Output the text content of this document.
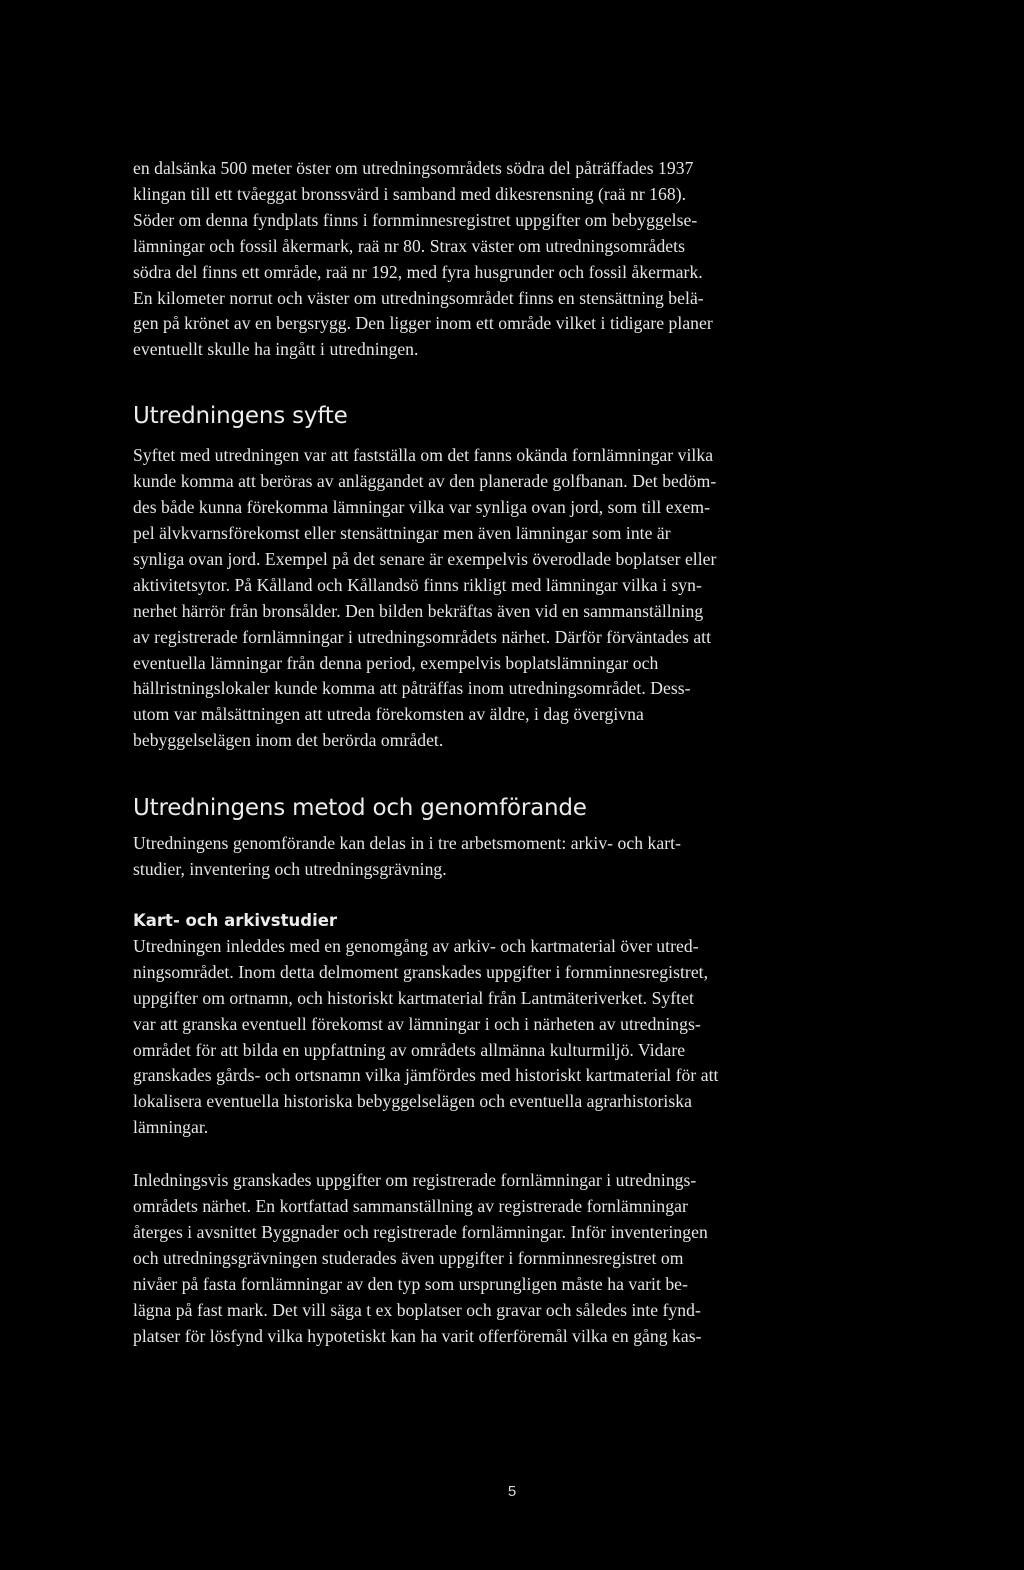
en dalsänka 500 meter öster om utredningsområdets södra del påträffades 1937
klingan till ett tvåeggat bronssvärd i samband med dikesrensning (raä nr 168).
Söder om denna fyndplats finns i fornminnesregistret uppgifter om bebyggelse-
lämningar och fossil åkermark, raä nr 80. Strax väster om utredningsområdets
södra del finns ett område, raä nr 192, med fyra husgrunder och fossil åkermark.
En kilometer norrut och väster om utredningsområdet finns en stensättning belä-
gen på krönet av en bergsrygg. Den ligger inom ett område vilket i tidigare planer
eventuellt skulle ha ingått i utredningen.
Utredningens syfte
Syftet med utredningen var att fastställa om det fanns okända fornlämningar vilka
kunde komma att beröras av anläggandet av den planerade golfbanan. Det bedöm-
des både kunna förekomma lämningar vilka var synliga ovan jord, som till exem-
pel älvkvarnsförekomst eller stensättningar men även lämningar som inte är
synliga ovan jord. Exempel på det senare är exempelvis överodlade boplatser eller
aktivitetsytor. På Kålland och Kållandsö finns rikligt med lämningar vilka i syn-
nerhet härrör från bronsålder. Den bilden bekräftas även vid en sammanställning
av registrerade fornlämningar i utredningsområdets närhet. Därför förväntades att
eventuella lämningar från denna period, exempelvis boplatslämningar och
hällristningslokaler kunde komma att påträffas inom utredningsområdet. Dess-
utom var målsättningen att utreda förekomsten av äldre, i dag övergivna
bebyggelselägen inom det berörda området.
Utredningens metod och genomförande
Utredningens genomförande kan delas in i tre arbetsmoment: arkiv- och kart-
studier, inventering och utredningsgrävning.
Kart- och arkivstudier
Utredningen inleddes med en genomgång av arkiv- och kartmaterial över utred-
ningsområdet. Inom detta delmoment granskades uppgifter i fornminnesregistret,
uppgifter om ortnamn, och historiskt kartmaterial från Lantmäteriverket. Syftet
var att granska eventuell förekomst av lämningar i och i närheten av utrednings-
området för att bilda en uppfattning av områdets allmänna kulturmiljö. Vidare
granskades gårds- och ortsnamn vilka jämfördes med historiskt kartmaterial för att
lokalisera eventuella historiska bebyggelselägen och eventuella agrarhistoriska
lämningar.
Inledningsvis granskades uppgifter om registrerade fornlämningar i utrednings-
områdets närhet. En kortfattad sammanställning av registrerade fornlämningar
återges i avsnittet Byggnader och registrerade fornlämningar. Inför inventeringen
och utredningsgrävningen studerades även uppgifter i fornminnesregistret om
nivåer på fasta fornlämningar av den typ som ursprungligen måste ha varit be-
lägna på fast mark. Det vill säga t ex boplatser och gravar och således inte fynd-
platser för lösfynd vilka hypotetiskt kan ha varit offerföremål vilka en gång kas-
5
